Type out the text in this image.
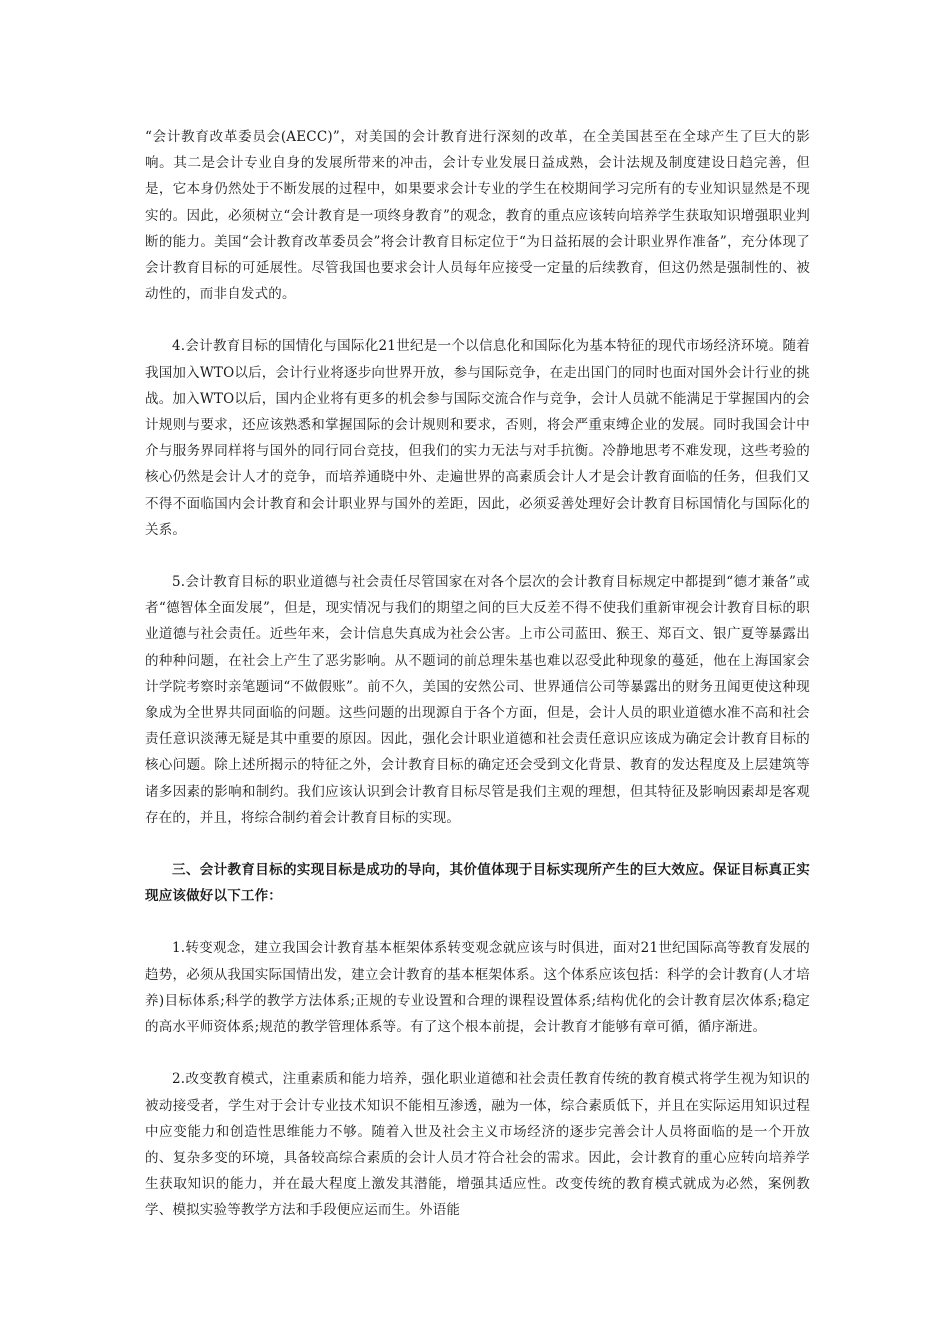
“会计教育改革委员会(AECC)”，对美国的会计教育进行深刻的改革，在全美国甚至在全球产生了巨大的影响。其二是会计专业自身的发展所带来的冲击，会计专业发展日益成熟，会计法规及制度建设日趋完善，但是，它本身仍然处于不断发展的过程中，如果要求会计专业的学生在校期间学习完所有的专业知识显然是不现实的。因此，必须树立“会计教育是一项终身教育”的观念，教育的重点应该转向培养学生获取知识增强职业判断的能力。美国“会计教育改革委员会”将会计教育目标定位于“为日益拓展的会计职业界作准备”，充分体现了会计教育目标的可延展性。尽管我国也要求会计人员每年应接受一定量的后续教育，但这仍然是强制性的、被动性的，而非自发式的。

4.会计教育目标的国情化与国际化21世纪是一个以信息化和国际化为基本特征的现代市场经济环境。随着我国加入WTO以后，会计行业将逐步向世界开放，参与国际竞争，在走出国门的同时也面对国外会计行业的挑战。加入WTO以后，国内企业将有更多的机会参与国际交流合作与竞争，会计人员就不能满足于掌握国内的会计规则与要求，还应该熟悉和掌握国际的会计规则和要求，否则，将会严重束缚企业的发展。同时我国会计中介与服务界同样将与国外的同行同台竞技，但我们的实力无法与对手抗衡。冷静地思考不难发现，这些考验的核心仍然是会计人才的竞争，而培养通晓中外、走遍世界的高素质会计人才是会计教育面临的任务，但我们又不得不面临国内会计教育和会计职业界与国外的差距，因此，必须妥善处理好会计教育目标国情化与国际化的关系。

5.会计教育目标的职业道德与社会责任尽管国家在对各个层次的会计教育目标规定中都提到“德才兼备”或者“德智体全面发展”，但是，现实情况与我们的期望之间的巨大反差不得不使我们重新审视会计教育目标的职业道德与社会责任。近些年来，会计信息失真成为社会公害。上市公司蓝田、猴王、郑百文、银广夏等暴露出的种种问题，在社会上产生了恶劣影响。从不题词的前总理朱基也难以忍受此种现象的蔓延，他在上海国家会计学院考察时亲笔题词“不做假账”。前不久，美国的安然公司、世界通信公司等暴露出的财务丑闻更使这种现象成为全世界共同面临的问题。这些问题的出现源自于各个方面，但是，会计人员的职业道德水准不高和社会责任意识淡薄无疑是其中重要的原因。因此，强化会计职业道德和社会责任意识应该成为确定会计教育目标的核心问题。除上述所揭示的特征之外，会计教育目标的确定还会受到文化背景、教育的发达程度及上层建筑等诸多因素的影响和制约。我们应该认识到会计教育目标尽管是我们主观的理想，但其特征及影响因素却是客观存在的，并且，将综合制约着会计教育目标的实现。

三、会计教育目标的实现目标是成功的导向，其价值体现于目标实现所产生的巨大效应。保证目标真正实现应该做好以下工作：

1.转变观念，建立我国会计教育基本框架体系转变观念就应该与时俱进，面对21世纪国际高等教育发展的趋势，必须从我国实际国情出发，建立会计教育的基本框架体系。这个体系应该包括：科学的会计教育(人才培养)目标体系;科学的教学方法体系;正规的专业设置和合理的课程设置体系;结构优化的会计教育层次体系;稳定的高水平师资体系;规范的教学管理体系等。有了这个根本前提，会计教育才能够有章可循，循序渐进。

2.改变教育模式，注重素质和能力培养，强化职业道德和社会责任教育传统的教育模式将学生视为知识的被动接受者，学生对于会计专业技术知识不能相互渗透，融为一体，综合素质低下，并且在实际运用知识过程中应变能力和创造性思维能力不够。随着入世及社会主义市场经济的逐步完善会计人员将面临的是一个开放的、复杂多变的环境，具备较高综合素质的会计人员才符合社会的需求。因此，会计教育的重心应转向培养学生获取知识的能力，并在最大程度上激发其潜能，增强其适应性。改变传统的教育模式就成为必然，案例教学、模拟实验等教学方法和手段便应运而生。外语能
